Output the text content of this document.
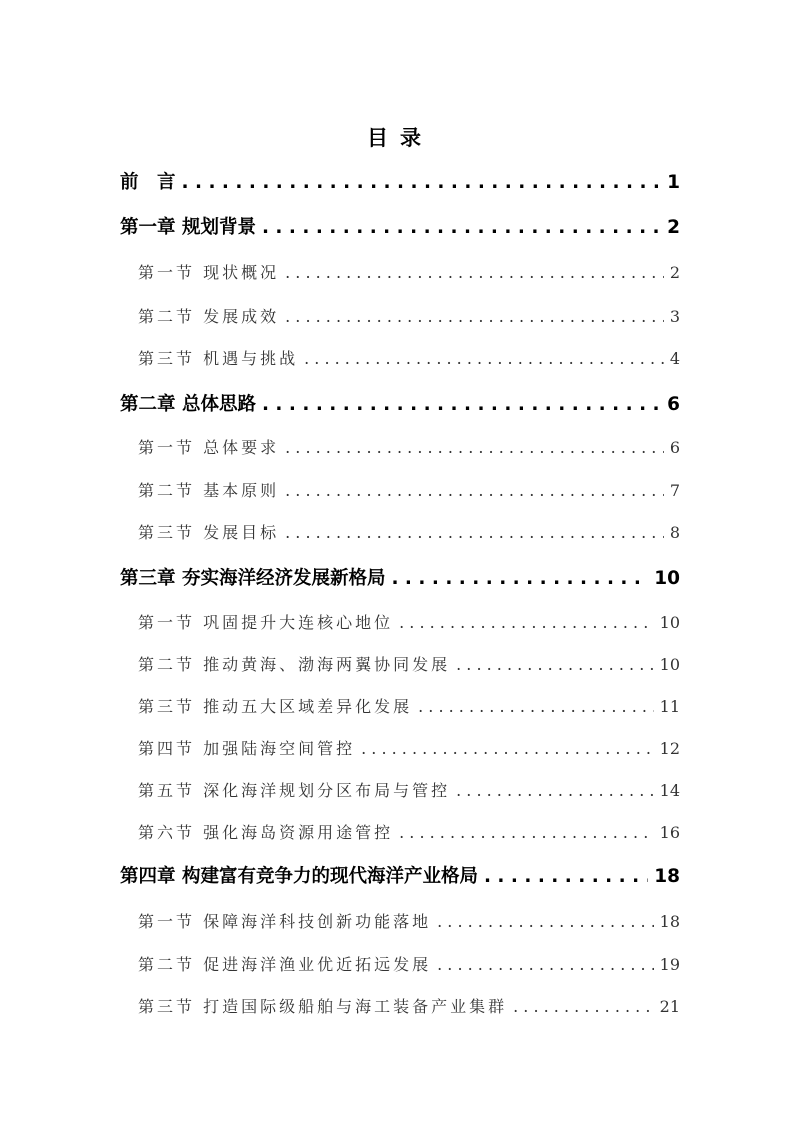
目录
前　言 . . .	1
第一章 规划背景 . . .	2
第一节 现状概况 . . .	2
第二节 发展成效 . . .	3
第三节 机遇与挑战 . . .	4
第二章 总体思路 . . .	6
第一节 总体要求 . . .	6
第二节 基本原则 . . .	7
第三节 发展目标 . . .	8
第三章 夯实海洋经济发展新格局 . . .	10
第一节 巩固提升大连核心地位 . . .	10
第二节 推动黄海、渤海两翼协同发展 . . .	10
第三节 推动五大区域差异化发展 . . .	11
第四节 加强陆海空间管控 . . .	12
第五节 深化海洋规划分区布局与管控 . . .	14
第六节 强化海岛资源用途管控 . . .	16
第四章 构建富有竞争力的现代海洋产业格局 . . .	18
第一节 保障海洋科技创新功能落地 . . .	18
第二节 促进海洋渔业优近拓远发展 . . .	19
第三节 打造国际级船舶与海工装备产业集群 . . .	21
